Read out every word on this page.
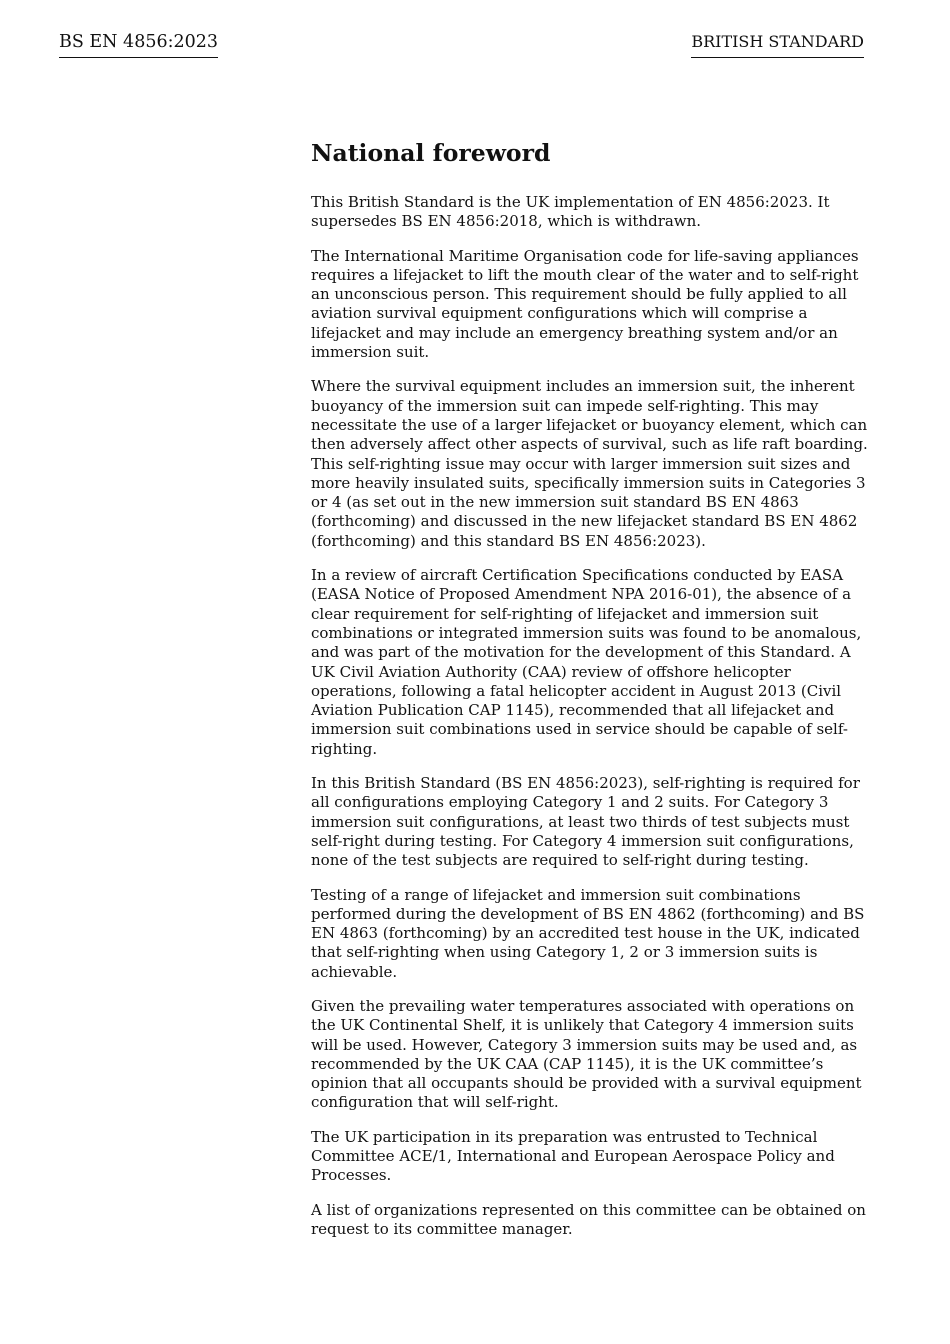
BS EN 4856:2023	BRITISH STANDARD
National foreword

This British Standard is the UK implementation of EN 4856:2023. It supersedes BS EN 4856:2018, which is withdrawn.

The International Maritime Organisation code for life-saving appliances requires a lifejacket to lift the mouth clear of the water and to self-right an unconscious person. This requirement should be fully applied to all aviation survival equipment configurations which will comprise a lifejacket and may include an emergency breathing system and/or an immersion suit.

Where the survival equipment includes an immersion suit, the inherent buoyancy of the immersion suit can impede self-righting. This may necessitate the use of a larger lifejacket or buoyancy element, which can then adversely affect other aspects of survival, such as life raft boarding. This self-righting issue may occur with larger immersion suit sizes and more heavily insulated suits, specifically immersion suits in Categories 3 or 4 (as set out in the new immersion suit standard BS EN 4863 (forthcoming) and discussed in the new lifejacket standard BS EN 4862 (forthcoming) and this standard BS EN 4856:2023).

In a review of aircraft Certification Specifications conducted by EASA (EASA Notice of Proposed Amendment NPA 2016-01), the absence of a clear requirement for self-righting of lifejacket and immersion suit combinations or integrated immersion suits was found to be anomalous, and was part of the motivation for the development of this Standard. A UK Civil Aviation Authority (CAA) review of offshore helicopter operations, following a fatal helicopter accident in August 2013 (Civil Aviation Publication CAP 1145), recommended that all lifejacket and immersion suit combinations used in service should be capable of self-righting.

In this British Standard (BS EN 4856:2023), self-righting is required for all configurations employing Category 1 and 2 suits. For Category 3 immersion suit configurations, at least two thirds of test subjects must self-right during testing. For Category 4 immersion suit configurations, none of the test subjects are required to self-right during testing.

Testing of a range of lifejacket and immersion suit combinations performed during the development of BS EN 4862 (forthcoming) and BS EN 4863 (forthcoming) by an accredited test house in the UK, indicated that self-righting when using Category 1, 2 or 3 immersion suits is achievable.

Given the prevailing water temperatures associated with operations on the UK Continental Shelf, it is unlikely that Category 4 immersion suits will be used. However, Category 3 immersion suits may be used and, as recommended by the UK CAA (CAP 1145), it is the UK committee’s opinion that all occupants should be provided with a survival equipment configuration that will self-right.

The UK participation in its preparation was entrusted to Technical Committee ACE/1, International and European Aerospace Policy and Processes.

A list of organizations represented on this committee can be obtained on request to its committee manager.
